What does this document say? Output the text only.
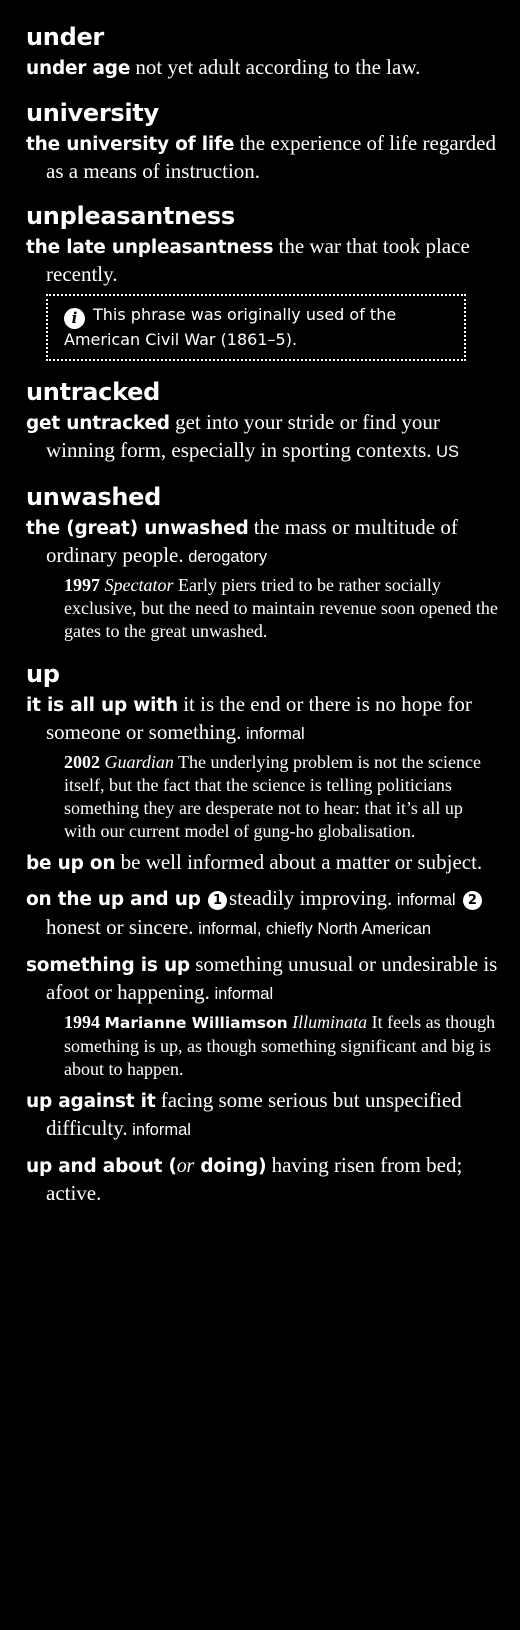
under

under age not yet adult according to the law.

university

the university of life the experience of life regarded as a means of instruction.

unpleasantness

the late unpleasantness the war that took place recently.

i This phrase was originally used of the American Civil War (1861–5).
untracked

get untracked get into your stride or find your winning form, especially in sporting contexts. US

unwashed

the (great) unwashed the mass or multitude of ordinary people. derogatory

1997 Spectator Early piers tried to be rather socially exclusive, but the need to maintain revenue soon opened the gates to the great unwashed.

up

it is all up with it is the end or there is no hope for someone or something. informal

2002 Guardian The underlying problem is not the science itself, but the fact that the science is telling politicians something they are desperate not to hear: that it’s all up with our current model of gung-ho globalisation.

be up on be well informed about a matter or subject.

on the up and up 1 steadily improving. informal 2honest or sincere. informal, chiefly North American

something is up something unusual or undesirable is afoot or happening. informal

1994 Marianne Williamson Illuminata It feels as though something is up, as though something significant and big is about to happen.

up against it facing some serious but unspecified difficulty. informal

up and about (or doing) having risen from bed; active.
